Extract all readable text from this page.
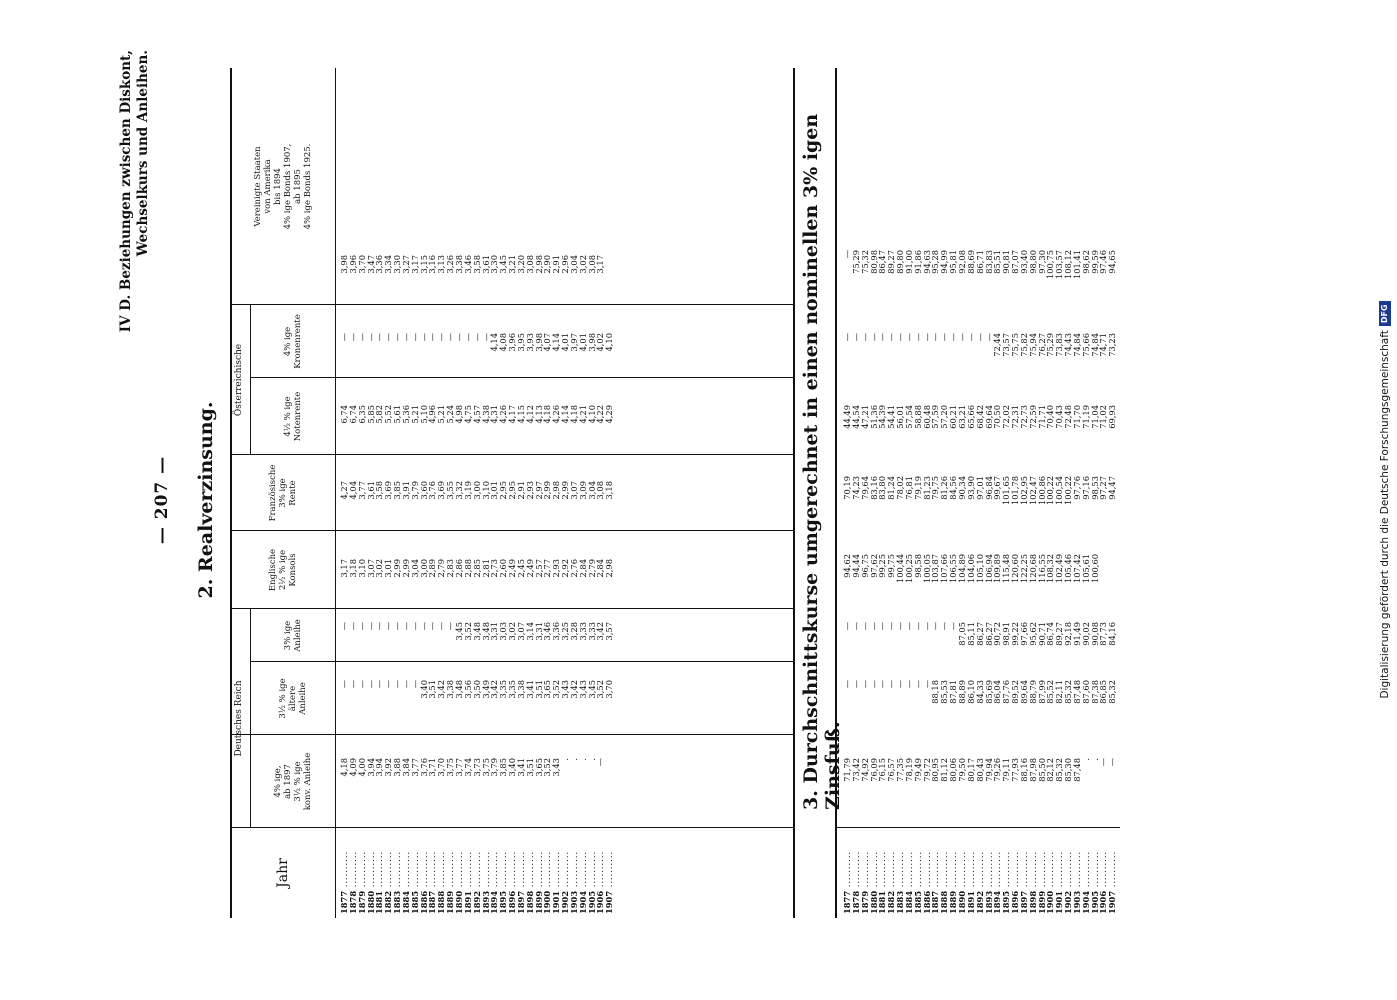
Digitalisierung gefördert durch die Deutsche Forschungsgemeinschaft
DFG
— 207 —
IV D. Beziehungen zwischen Diskont, Wechselkurs und Anleihen.
2. Realverzinsung.
Deutsches Reich
Österreichische
Jahr
4% ige, ab 1897 3½ % ige konv. Anleihe
3½ % ige ältere Anleihe
3% ige Anleihe
Englische 2½ % ige Konsols
Französische 3% ige Rente
4½ % ige Notenrente
4% ige Kronenrente
Vereinigte Staaten von Amerika bis 1894 4% ige Bonds 1907, ab 1895 4% ige Bonds 1925.
1877 ..........
1878 ..........
1879 ..........
1880 ..........
1881 ..........
1882 ..........
1883 ..........
1884 ..........
1885 ..........
1886 ..........
1887 ..........
1888 ..........
1889 ..........
1890 ..........
1891 ..........
1892 ..........
1893 ..........
1894 ..........
1895 ..........
1896 ..........
1897 ..........
1898 ..........
1899 ..........
1900 ..........
1901 ..........
1902 ..........
1903 ..........
1904 ..........
1905 ..........
1906 ..........
1907 ..........
4,18
4,09
4,00
3,94
3,94
3,92
3,88
3,84
3,77
3,76
3,71
3,70
3,75
3,77
3,74
3,73
3,75
3,79
3,85
3,40
3,41
3,51
3,65
3,52
3,43
.
.
.
.
—
—
—
—
—
—
—
—
—
—
3,40
3,51
3,42
3,38
3,48
3,56
3,50
3,49
3,42
3,35
3,35
3,38
3,41
3,51
3,65
3,52
3,43
3,42
3,43
3,45
3,52
3,70
—
—
—
—
—
—
—
—
—
—
—
—
—
3,45
3,52
3,48
3,48
3,31
3,03
3,02
3,07
3,14
3,31
3,46
3,36
3,25
3,28
3,33
3,33
3,42
3,57
3,17
3,18
3,10
3,07
3,02
3,01
2,99
2,99
3,04
3,00
2,89
2,79
2,83
2,86
2,88
2,85
2,81
2,73
2,60
2,49
2,45
2,49
2,57
2,77
2,93
2,92
2,76
2,84
2,79
2,84
2,98
4,27
4,04
3,77
3,61
3,58
3,69
3,85
3,91
3,79
3,60
3,76
3,69
3,55
3,32
3,19
3,00
3,10
3,01
2,95
2,95
2,91
2,93
2,97
2,99
2,98
2,99
3,07
3,09
3,04
3,08
3,18
6,74
6,74
6,35
5,85
5,82
5,52
5,61
5,36
5,21
5,10
4,96
5,21
5,24
4,98
4,75
4,57
4,38
4,31
4,26
4,17
4,15
4,12
4,13
4,18
4,26
4,14
4,18
4,21
4,10
4,22
4,29
—
—
—
—
—
—
—
—
—
—
—
—
—
—
—
—
—
4,14
4,08
3,96
3,95
3,93
3,98
4,07
4,14
4,01
3,97
4,01
3,98
4,02
4,10
3,98
3,96
3,70
3,47
3,36
3,34
3,30
3,27
3,17
3,15
3,16
3,13
3,26
3,38
3,46
3,58
3,61
3,30
3,45
3,21
3,20
3,08
2,98
2,90
2,91
2,96
3,04
3,02
3,08
3,17	3. Durchschnittskurse umgerechnet in einen nominellen 3% igen Zinsfuß.
1877 ..........
1878 ..........
1879 ..........
1880 ..........
1881 ..........
1882 ..........
1883 ..........
1884 ..........
1885 ..........
1886 ..........
1887 ..........
1888 ..........
1889 ..........
1890 ..........
1891 ..........
1892 ..........
1893 ..........
1894 ..........
1895 ..........
1896 ..........
1897 ..........
1898 ..........
1899 ..........
1900 ..........
1901 ..........
1902 ..........
1903 ..........
1904 ..........
1905 ..........
1906 ..........
1907 ..........
71,79
73,42
74,92
76,09
76,15
76,57
77,35
78,19
79,49
79,72
80,95
81,12
80,06
79,50
80,17
80,43
79,94
79,26
79,11
77,93
88,16
87,98
85,50
82,12
85,32
85,30
87,48
.
.
—
—
—
—
—
—
—
—
—
—
—
—
88,18
85,53
87,81
88,89
86,10
84,33
85,69
86,04
87,76
89,52
89,64
88,79
87,99
85,52
82,11
85,32
87,48
87,60
87,38
86,85
85,32
—
—
—
—
—
—
—
—
—
—
—
—
—
87,05
85,11
86,27
86,27
90,72
98,91
99,22
97,66
95,62
90,71
86,74
89,27
92,18
91,49
90,02
90,08
87,73
84,16
94,62
94,44
96,75
97,62
99,25
99,75
100,44
100,25
98,58
100,05
103,87
107,66
106,55
104,89
104,06
105,10
106,94
109,89
115,48
120,60
122,25
120,68
116,55
108,32
102,49
105,46
107,42
105,61
100,60
70,19
74,23
79,64
83,16
83,80
81,24
78,02
76,81
79,19
81,23
79,75
81,26
84,56
90,34
93,90
97,01
96,84
99,67
101,65
101,78
102,95
102,47
100,86
100,22
100,54
100,22
97,76
97,16
98,53
97,27
94,47
44,49
44,54
47,21
51,36
54,39
54,41
56,01
57,54
58,88
60,48
57,59
57,20
60,21
63,21
65,66
68,42
69,64
70,50
72,02
72,31
72,73
72,59
71,71
70,40
70,43
72,48
71,70
71,19
71,04
71,02
69,93
—
—
—
—
—
—
—
—
—
—
—
—
—
—
—
—
—
72,44
73,57
75,75
75,82
75,94
76,27
75,29
73,83
74,43
74,84
75,66
74,84
74,71
73,23
—
75,29
75,32
80,98
86,47
89,27
89,80
91,00
91,86
94,63
95,28
94,99
95,81
92,08
88,69
86,71
83,83
85,51
90,81
87,07
93,40
98,80
97,30
100,75
103,57
108,12
101,41
98,62
99,59
97,46
94,65
